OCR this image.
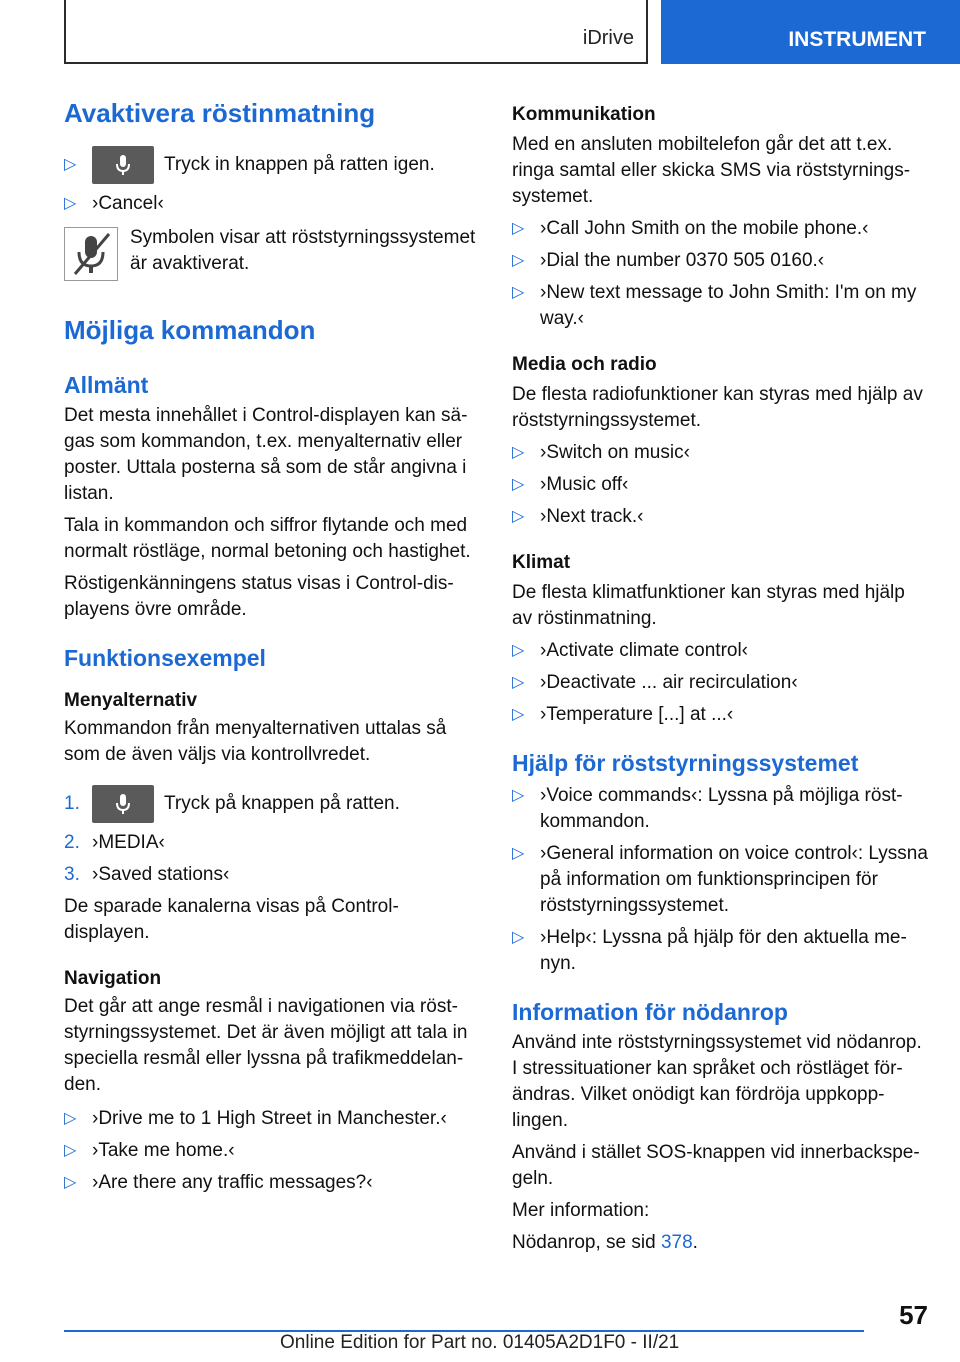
iDrive	INSTRUMENT
Avaktivera röstinmatning
▷	Tryck in knappen på ratten igen.
▷ ›Cancel‹

Symbolen visar att röststyrningssystemet är avaktiverat.

Möjliga kommandon
Allmänt

Det mesta innehållet i Control-displayen kan sä-gas som kommandon, t.ex. menyalternativ eller poster. Uttala posterna så som de står angivna i listan.

Tala in kommandon och siffror flytande och med normalt röstläge, normal betoning och hastighet.

Röstigenkänningens status visas i Control-dis-playens övre område.

Funktionsexempel
Menyalternativ

Kommandon från menyalternativen uttalas så som de även väljs via kontrollvredet.

1.	Tryck på knappen på ratten.
2. ›MEDIA‹
3. ›Saved stations‹

De sparade kanalerna visas på Control-displayen.

Navigation

Det går att ange resmål i navigationen via röst-styrningssystemet. Det är även möjligt att tala in speciella resmål eller lyssna på trafikmeddelan-den.

▷ ›Drive me to 1 High Street in Manchester.‹
▷ ›Take me home.‹
▷ ›Are there any traffic messages?‹
Kommunikation

Med en ansluten mobiltelefon går det att t.ex. ringa samtal eller skicka SMS via röststyrnings-systemet.

▷ ›Call John Smith on the mobile phone.‹
▷ ›Dial the number 0370 505 0160.‹
▷ ›New text message to John Smith: I'm on my way.‹
Media och radio

De flesta radiofunktioner kan styras med hjälp av röststyrningssystemet.

▷ ›Switch on music‹
▷ ›Music off‹
▷ ›Next track.‹
Klimat

De flesta klimatfunktioner kan styras med hjälp av röstinmatning.

▷ ›Activate climate control‹
▷ ›Deactivate ... air recirculation‹
▷ ›Temperature [...] at ...‹
Hjälp för röststyrningssystemet
▷ ›Voice commands‹: Lyssna på möjliga röst-kommandon.
▷ ›General information on voice control‹: Lyssna på information om funktionsprincipen för röststyrningssystemet.
▷ ›Help‹: Lyssna på hjälp för den aktuella me-nyn.
Information för nödanrop

Använd inte röststyrningssystemet vid nödanrop. I stressituationer kan språket och röstläget för-ändras. Vilket onödigt kan fördröja uppkopp-lingen.

Använd i stället SOS-knappen vid innerbackspe-geln.

Mer information:

Nödanrop, se sid 378.

57
Online Edition for Part no. 01405A2D1F0 - II/21
